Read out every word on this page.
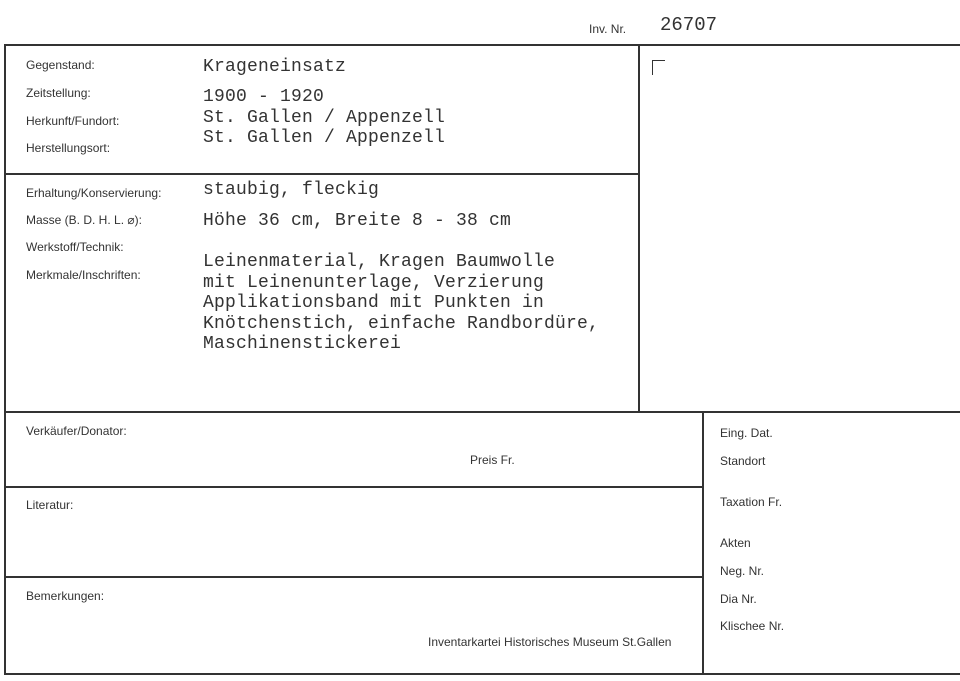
Inv. Nr. 26707
Gegenstand:
Zeitstellung:
Herkunft/Fundort:
Herstellungsort:
Krageneinsatz
1900 - 1920
St. Gallen / Appenzell
St. Gallen / Appenzell
Erhaltung/Konservierung:
Masse (B. D. H. L. ⌀):
Werkstoff/Technik:
Merkmale/Inschriften:
staubig, fleckig
Höhe 36 cm, Breite 8 - 38 cm
Leinenmaterial, Kragen Baumwolle
mit Leinenunterlage, Verzierung
Applikationsband mit Punkten in
Knötchenstich, einfache Randbordüre,
Maschinenstickerei
Verkäufer/Donator:
Preis Fr.
Literatur:
Bemerkungen:
Inventarkartei Historisches Museum St.Gallen
Eing. Dat.
Standort
Taxation Fr.
Akten
Neg. Nr.
Dia Nr.
Klischee Nr.
